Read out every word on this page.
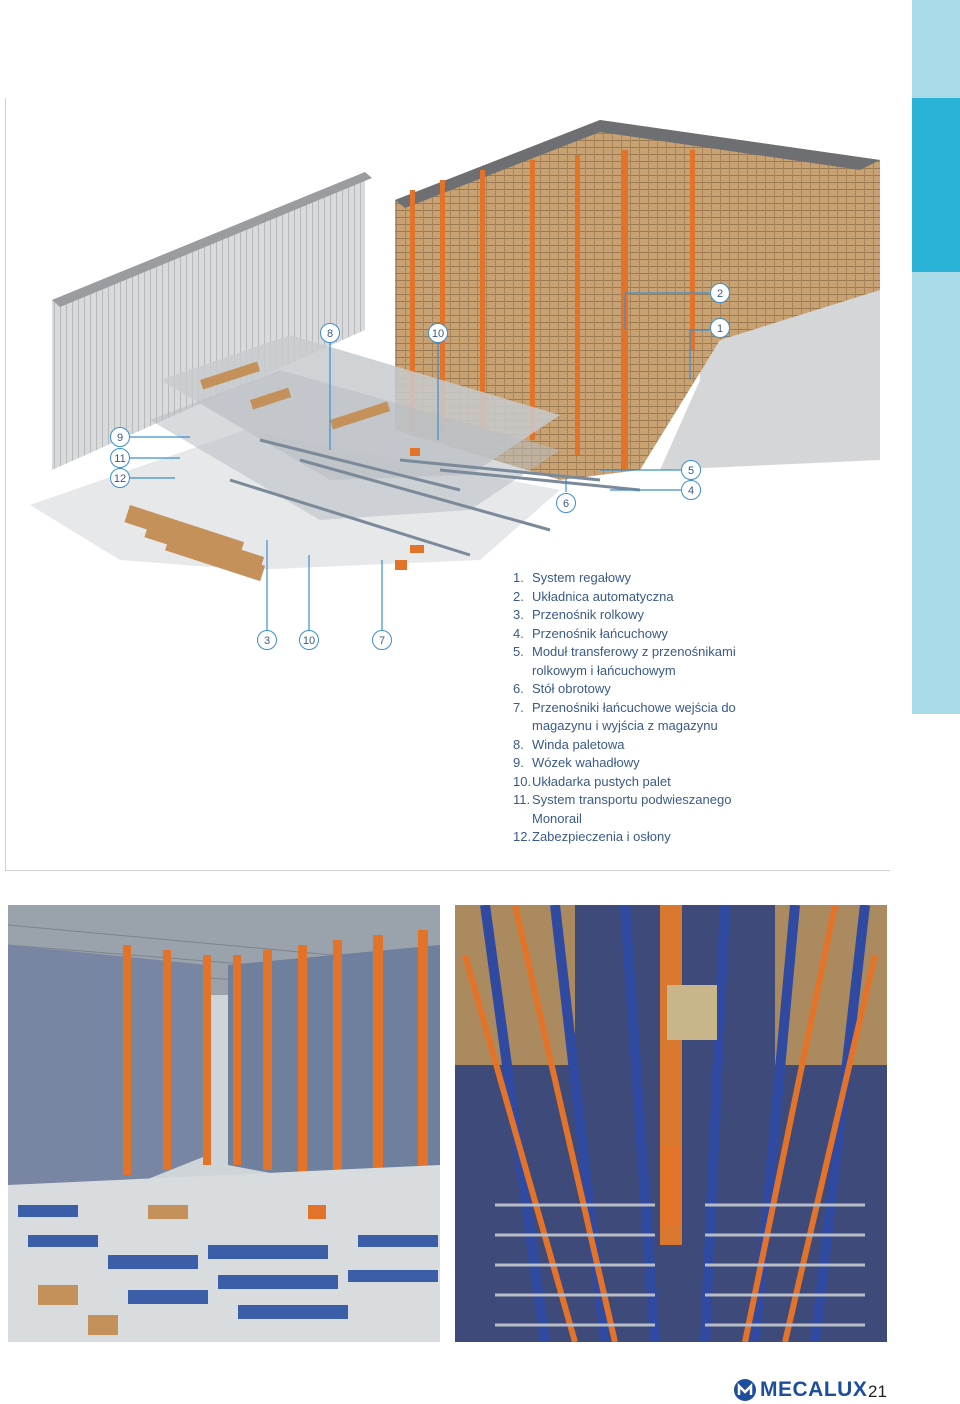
2
1
8	10
9
11
12
5
4
6
3	10	7
1. System regałowy
2. Układnica automatyczna
3. Przenośnik rolkowy
4. Przenośnik łańcuchowy
5. Moduł transferowy z przenośnikami rolkowym i łańcuchowym
6. Stół obrotowy
7. Przenośniki łańcuchowe wejścia do magazynu i wyjścia z magazynu
8. Winda paletowa
9. Wózek wahadłowy
10. Układarka pustych palet
11. System transportu podwieszanego Monorail
12. Zabezpieczenia i osłony
MECALUX 21
